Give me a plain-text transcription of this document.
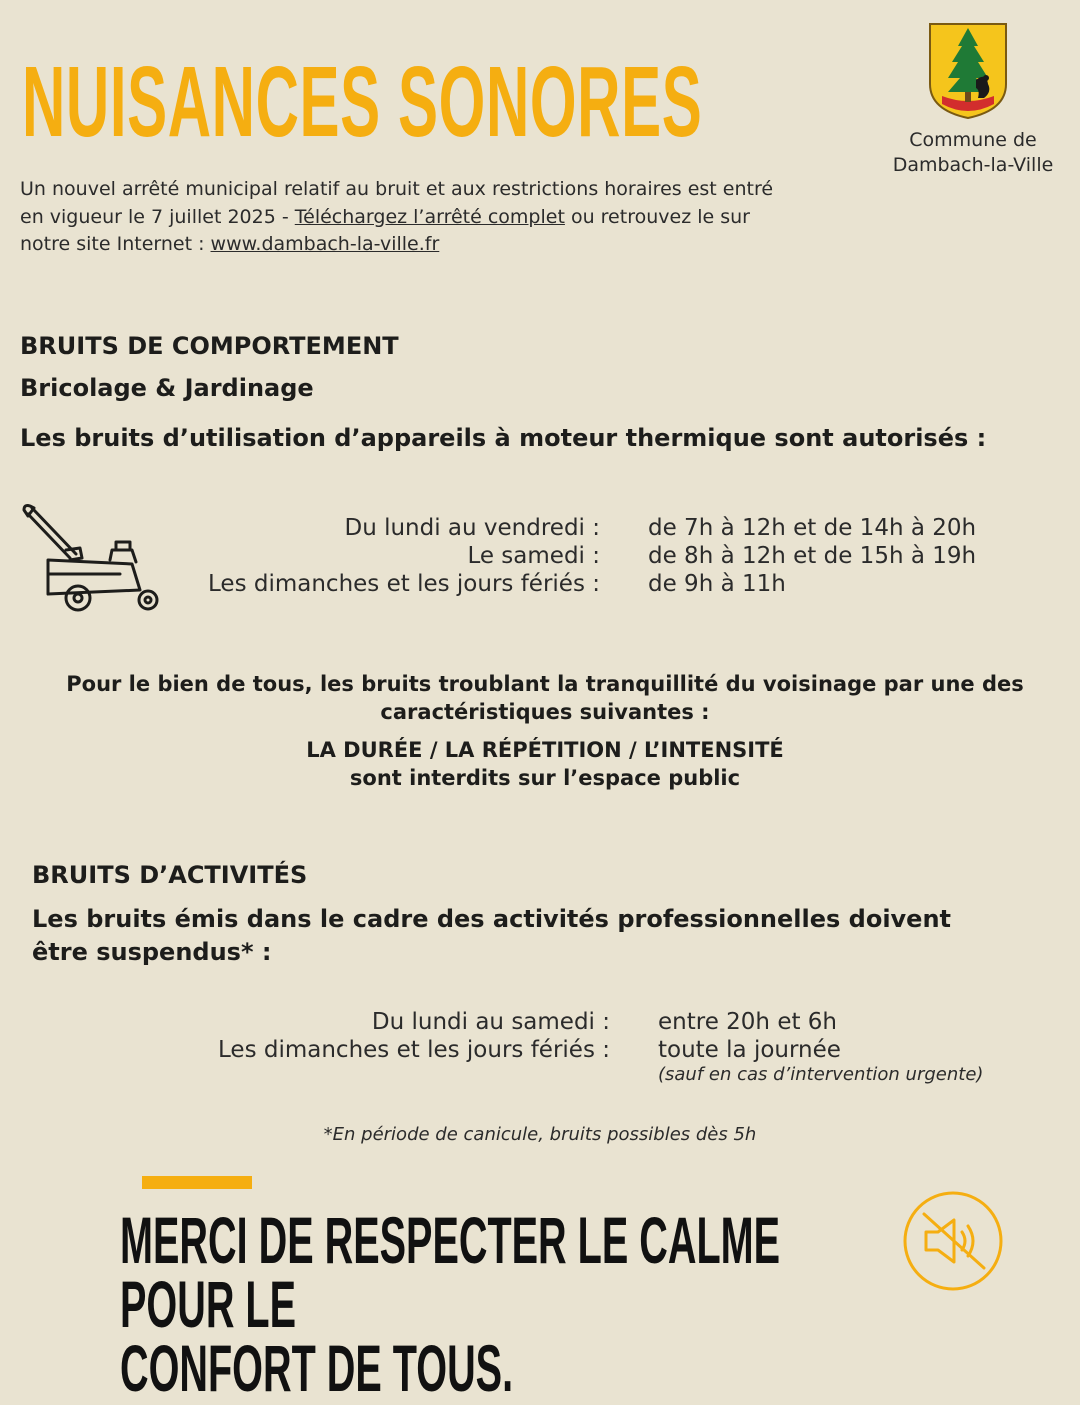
NUISANCES SONORES
Un nouvel arrêté municipal relatif au bruit et aux restrictions horaires est entré en vigueur le 7 juillet 2025 - Téléchargez l’arrêté complet ou retrouvez le sur notre site Internet : www.dambach-la-ville.fr
Commune de
Dambach-la-Ville
BRUITS DE COMPORTEMENT
Bricolage & Jardinage

Les bruits d’utilisation d’appareils à moteur thermique sont autorisés :

Du lundi au vendredi :
Le samedi :
Les dimanches et les jours fériés :
de 7h à 12h et de 14h à 20h
de 8h à 12h et de 15h à 19h
de 9h à 11h
Pour le bien de tous, les bruits troublant la tranquillité du voisinage par une des caractéristiques suivantes :
LA DURÉE / LA RÉPÉTITION / L’INTENSITÉ
sont interdits sur l’espace public
BRUITS D’ACTIVITÉS

Les bruits émis dans le cadre des activités professionnelles doivent être suspendus* :

Du lundi au samedi :
Les dimanches et les jours fériés :
entre 20h et 6h
toute la journée
(sauf en cas d’intervention urgente)
*En période de canicule, bruits possibles dès 5h
MERCI DE RESPECTER LE CALME POUR LE
CONFORT DE TOUS.
